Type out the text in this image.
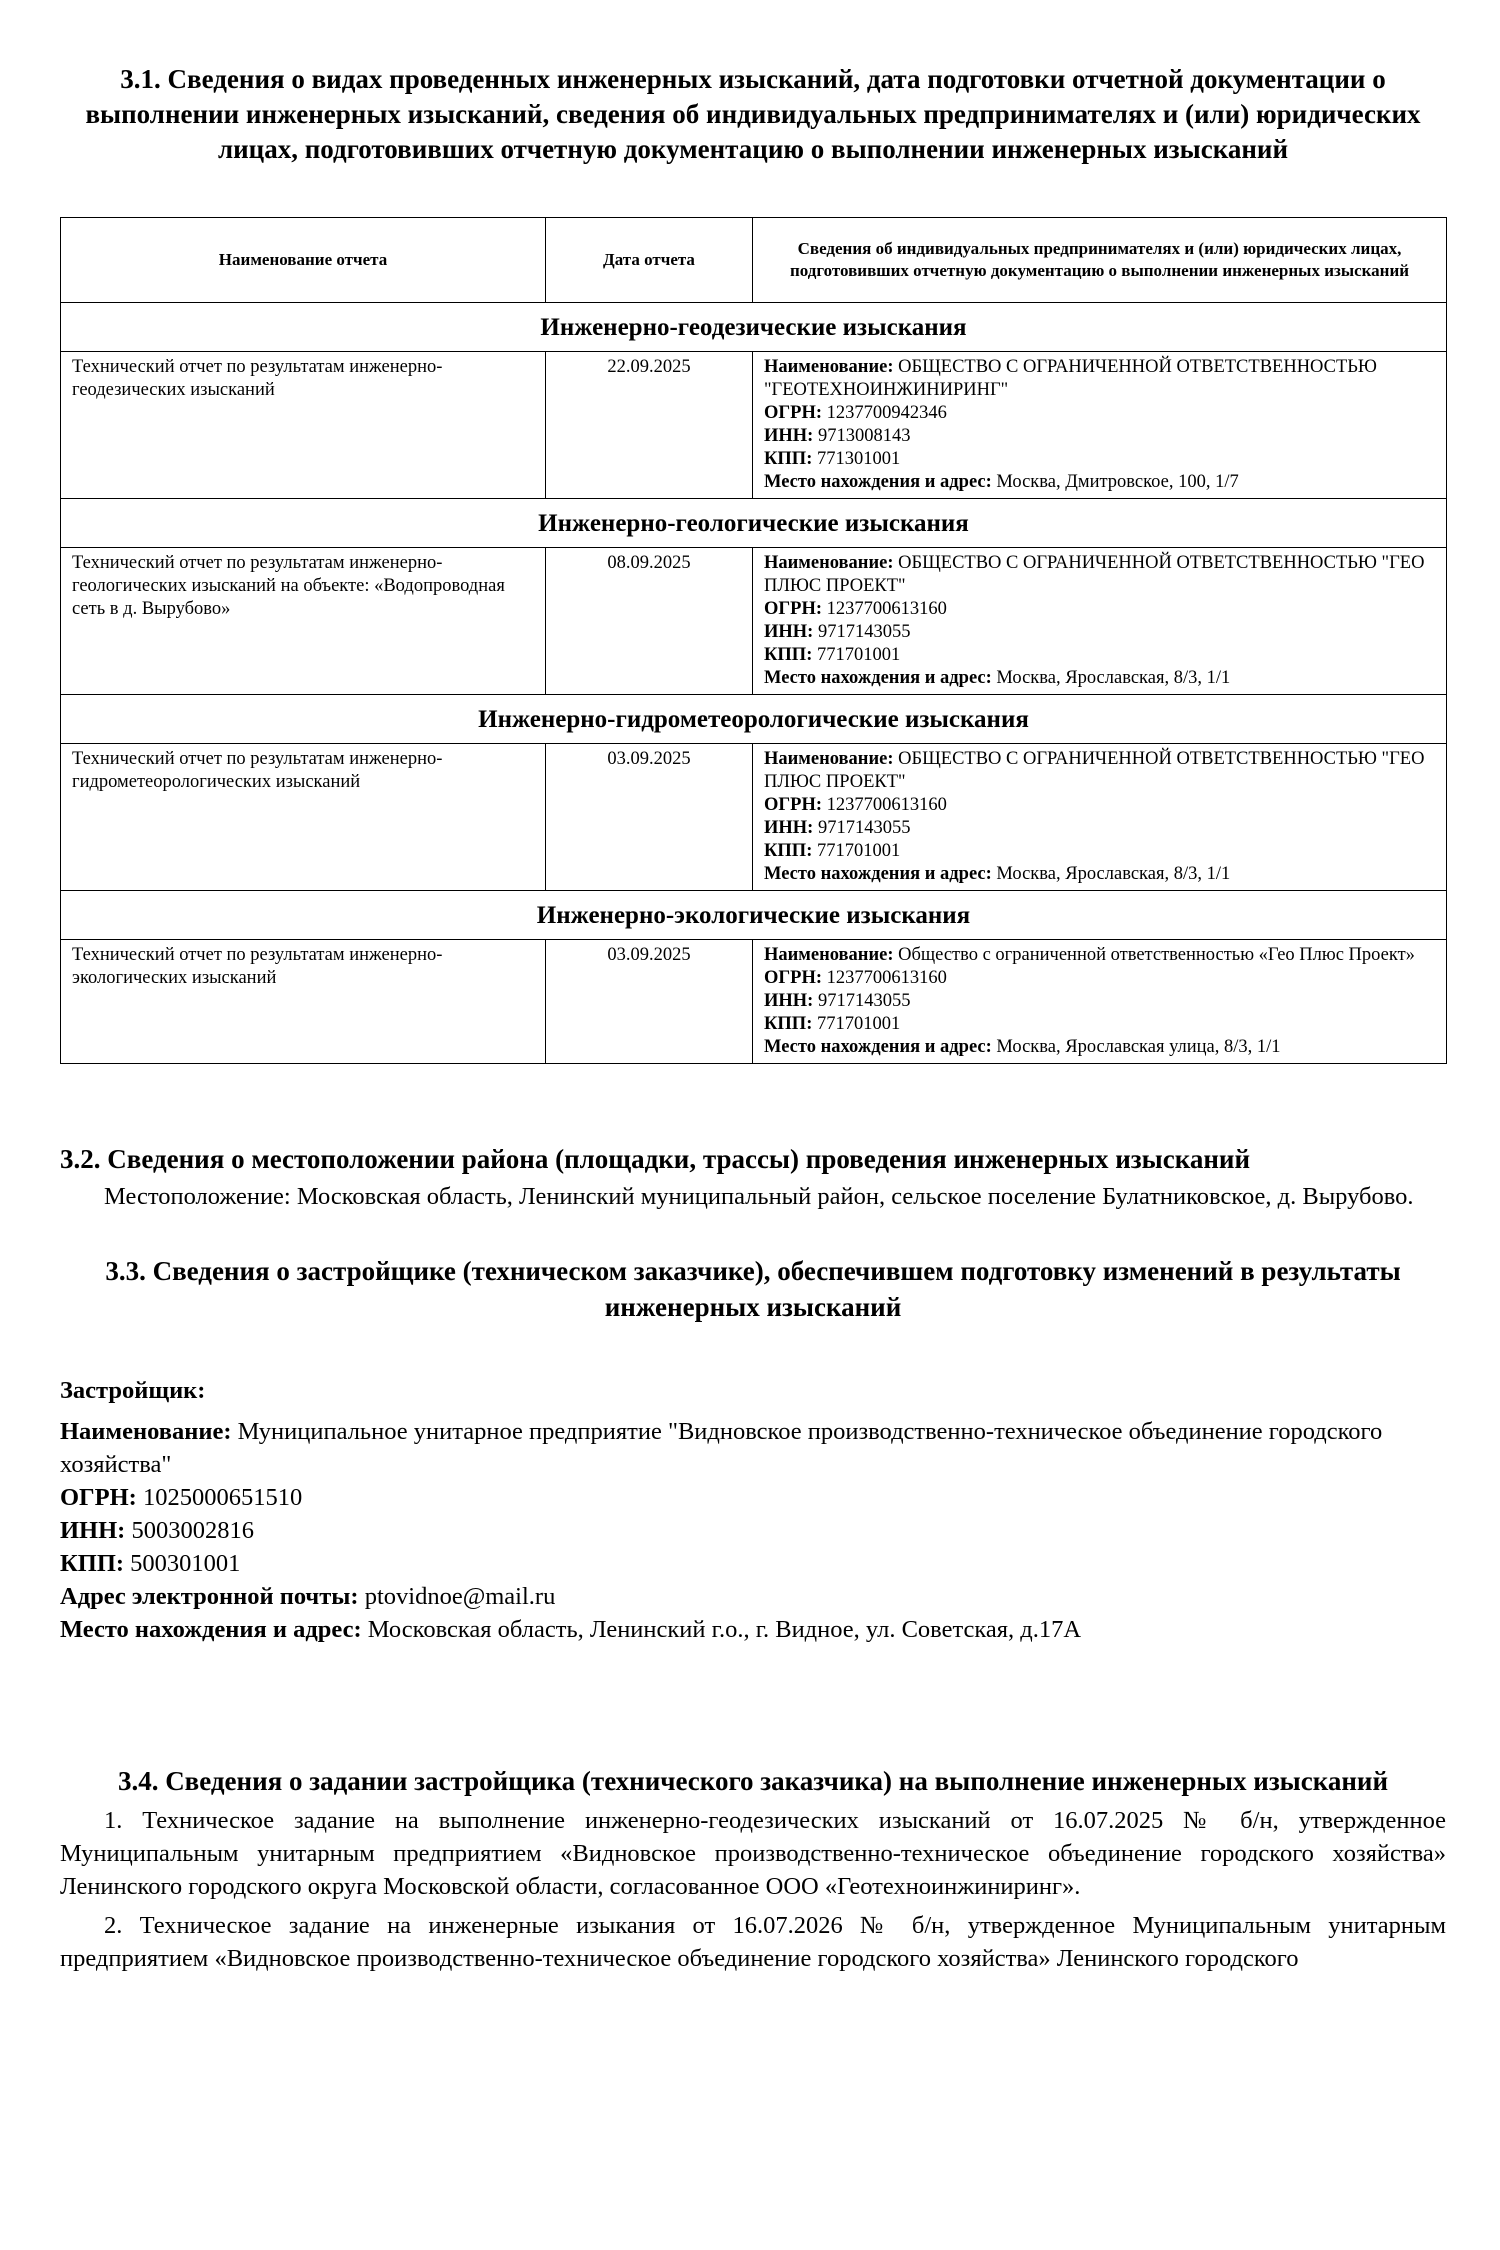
3.1. Сведения о видах проведенных инженерных изысканий, дата подготовки отчетной документации о выполнении инженерных изысканий, сведения об индивидуальных предпринимателях и (или) юридических лицах, подготовивших отчетную документацию о выполнении инженерных изысканий

Наименование отчета	Дата отчета	Сведения об индивидуальных предпринимателях и (или) юридических лицах, подготовивших отчетную документацию о выполнении инженерных изысканий
Инженерно-геодезические изыскания		
Технический отчет по результатам инженерно-геодезических изысканий	22.09.2025	Наименование: ОБЩЕСТВО С ОГРАНИЧЕННОЙ ОТВЕТСТВЕННОСТЬЮ "ГЕОТЕХНОИНЖИНИРИНГ"
ОГРН: 1237700942346
ИНН: 9713008143
КПП: 771301001
Место нахождения и адрес: Москва, Дмитровское, 100, 1/7

Инженерно-геологические изыскания		
Технический отчет по результатам инженерно-геологических изысканий на объекте: «Водопроводная сеть в д. Вырубово»	08.09.2025	Наименование: ОБЩЕСТВО С ОГРАНИЧЕННОЙ ОТВЕТСТВЕННОСТЬЮ "ГЕО ПЛЮС ПРОЕКТ"
ОГРН: 1237700613160
ИНН: 9717143055
КПП: 771701001
Место нахождения и адрес: Москва, Ярославская, 8/3, 1/1

Инженерно-гидрометеорологические изыскания		
Технический отчет по результатам инженерно-гидрометеорологических изысканий	03.09.2025	Наименование: ОБЩЕСТВО С ОГРАНИЧЕННОЙ ОТВЕТСТВЕННОСТЬЮ "ГЕО ПЛЮС ПРОЕКТ"
ОГРН: 1237700613160
ИНН: 9717143055
КПП: 771701001
Место нахождения и адрес: Москва, Ярославская, 8/3, 1/1

Инженерно-экологические изыскания		
Технический отчет по результатам инженерно-экологических изысканий	03.09.2025	Наименование: Общество с ограниченной ответственностью «Гео Плюс Проект»
ОГРН: 1237700613160
ИНН: 9717143055
КПП: 771701001
Место нахождения и адрес: Москва, Ярославская улица, 8/3, 1/1

3.2. Сведения о местоположении района (площадки, трассы) проведения инженерных изысканий

Местоположение: Московская область, Ленинский муниципальный район, сельское поселение Булатниковское, д. Вырубово.

3.3. Сведения о застройщике (техническом заказчике), обеспечившем подготовку изменений в результаты инженерных изысканий

Застройщик:
Наименование: Муниципальное унитарное предприятие "Видновское производственно-техническое объединение городского хозяйства"
ОГРН: 1025000651510
ИНН: 5003002816
КПП: 500301001
Адрес электронной почты: ptovidnoe@mail.ru
Место нахождения и адрес: Московская область, Ленинский г.о., г. Видное, ул. Советская, д.17А

3.4. Сведения о задании застройщика (технического заказчика) на выполнение инженерных изысканий

1. Техническое задание на выполнение инженерно-геодезических изысканий от 16.07.2025 № б/н, утвержденное Муниципальным унитарным предприятием «Видновское производственно-техническое объединение городского хозяйства» Ленинского городского округа Московской области, согласованное ООО «Геотехноинжиниринг».

2. Техническое задание на инженерные изыкания от 16.07.2026 № б/н, утвержденное Муниципальным унитарным предприятием «Видновское производственно-техническое объединение городского хозяйства» Ленинского городского
